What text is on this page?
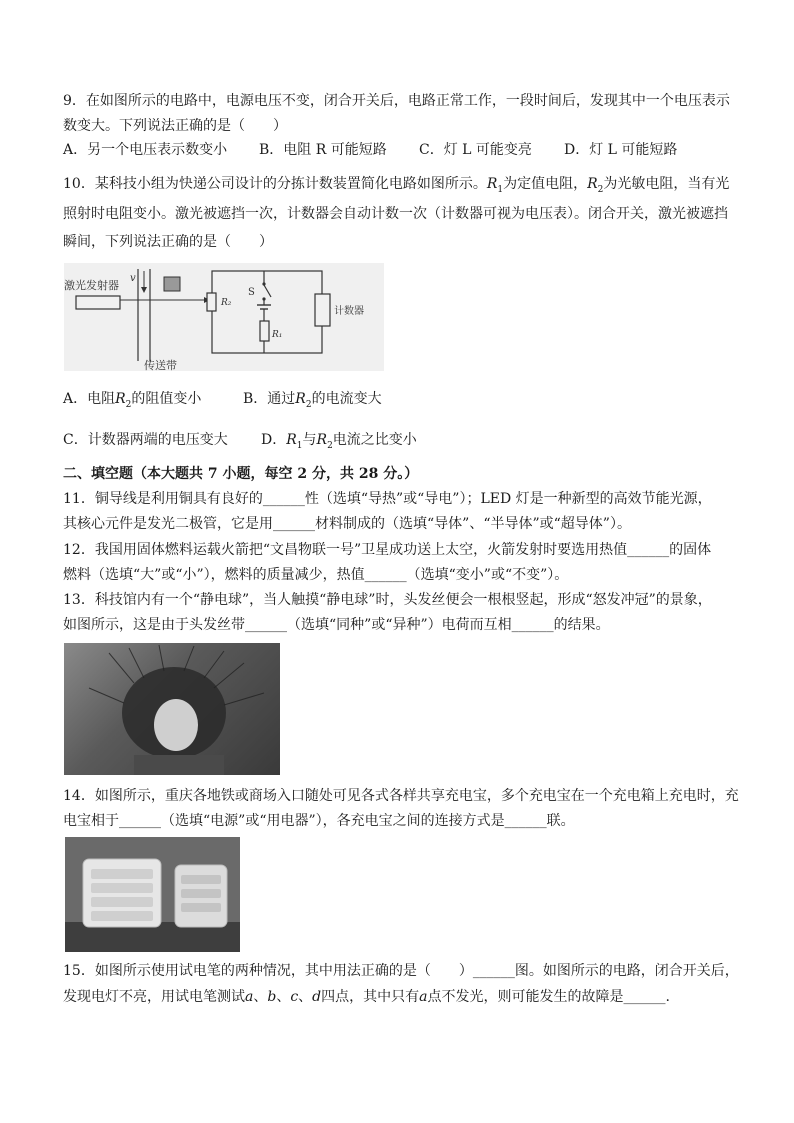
9．在如图所示的电路中，电源电压不变，闭合开关后，电路正常工作，一段时间后，发现其中一个电压表示
数变大。下列说法正确的是（　　）
A．另一个电压表示数变小 B．电阻 R 可能短路 C．灯 L 可能变亮 D．灯 L 可能短路
10．某科技小组为快递公司设计的分拣计数装置简化电路如图所示。$R_1$为定值电阻，$R_2$为光敏电阻，当有光
照射时电阻变小。激光被遮挡一次，计数器会自动计数一次（计数器可视为电压表）。闭合开关，激光被遮挡
瞬间，下列说法正确的是（　　）
激光发射器
v
传送带
R₂
S
R₁
计数器
A．电阻$R_2$的阻值变小	B．通过$R_2$的电流变大
C．计数器两端的电压变大 D．$R_1$与$R_2$电流之比变小
二、填空题（本大题共 7 小题，每空 2 分，共 28 分。）
11．铜导线是利用铜具有良好的______性（选填“导热”或“导电”）；LED 灯是一种新型的高效节能光源，
其核心元件是发光二极管，它是用______材料制成的（选填“导体”、“半导体”或“超导体”）。
12．我国用固体燃料运载火箭把“文昌物联一号”卫星成功送上太空，火箭发射时要选用热值______的固体
燃料（选填“大”或“小”），燃料的质量减少，热值______（选填“变小”或“不变”）。
13．科技馆内有一个“静电球”，当人触摸“静电球”时，头发丝便会一根根竖起，形成“怒发冲冠”的景象，
如图所示，这是由于头发丝带______（选填“同种”或“异种”）电荷而互相______的结果。
14．如图所示，重庆各地铁或商场入口随处可见各式各样共享充电宝，多个充电宝在一个充电箱上充电时，充
电宝相于______（选填“电源”或“用电器”），各充电宝之间的连接方式是______联。
15．如图所示使用试电笔的两种情况，其中用法正确的是（　　）______图。如图所示的电路，闭合开关后，
发现电灯不亮，用试电笔测试a、b、c、d四点，其中只有a点不发光，则可能发生的故障是______.
